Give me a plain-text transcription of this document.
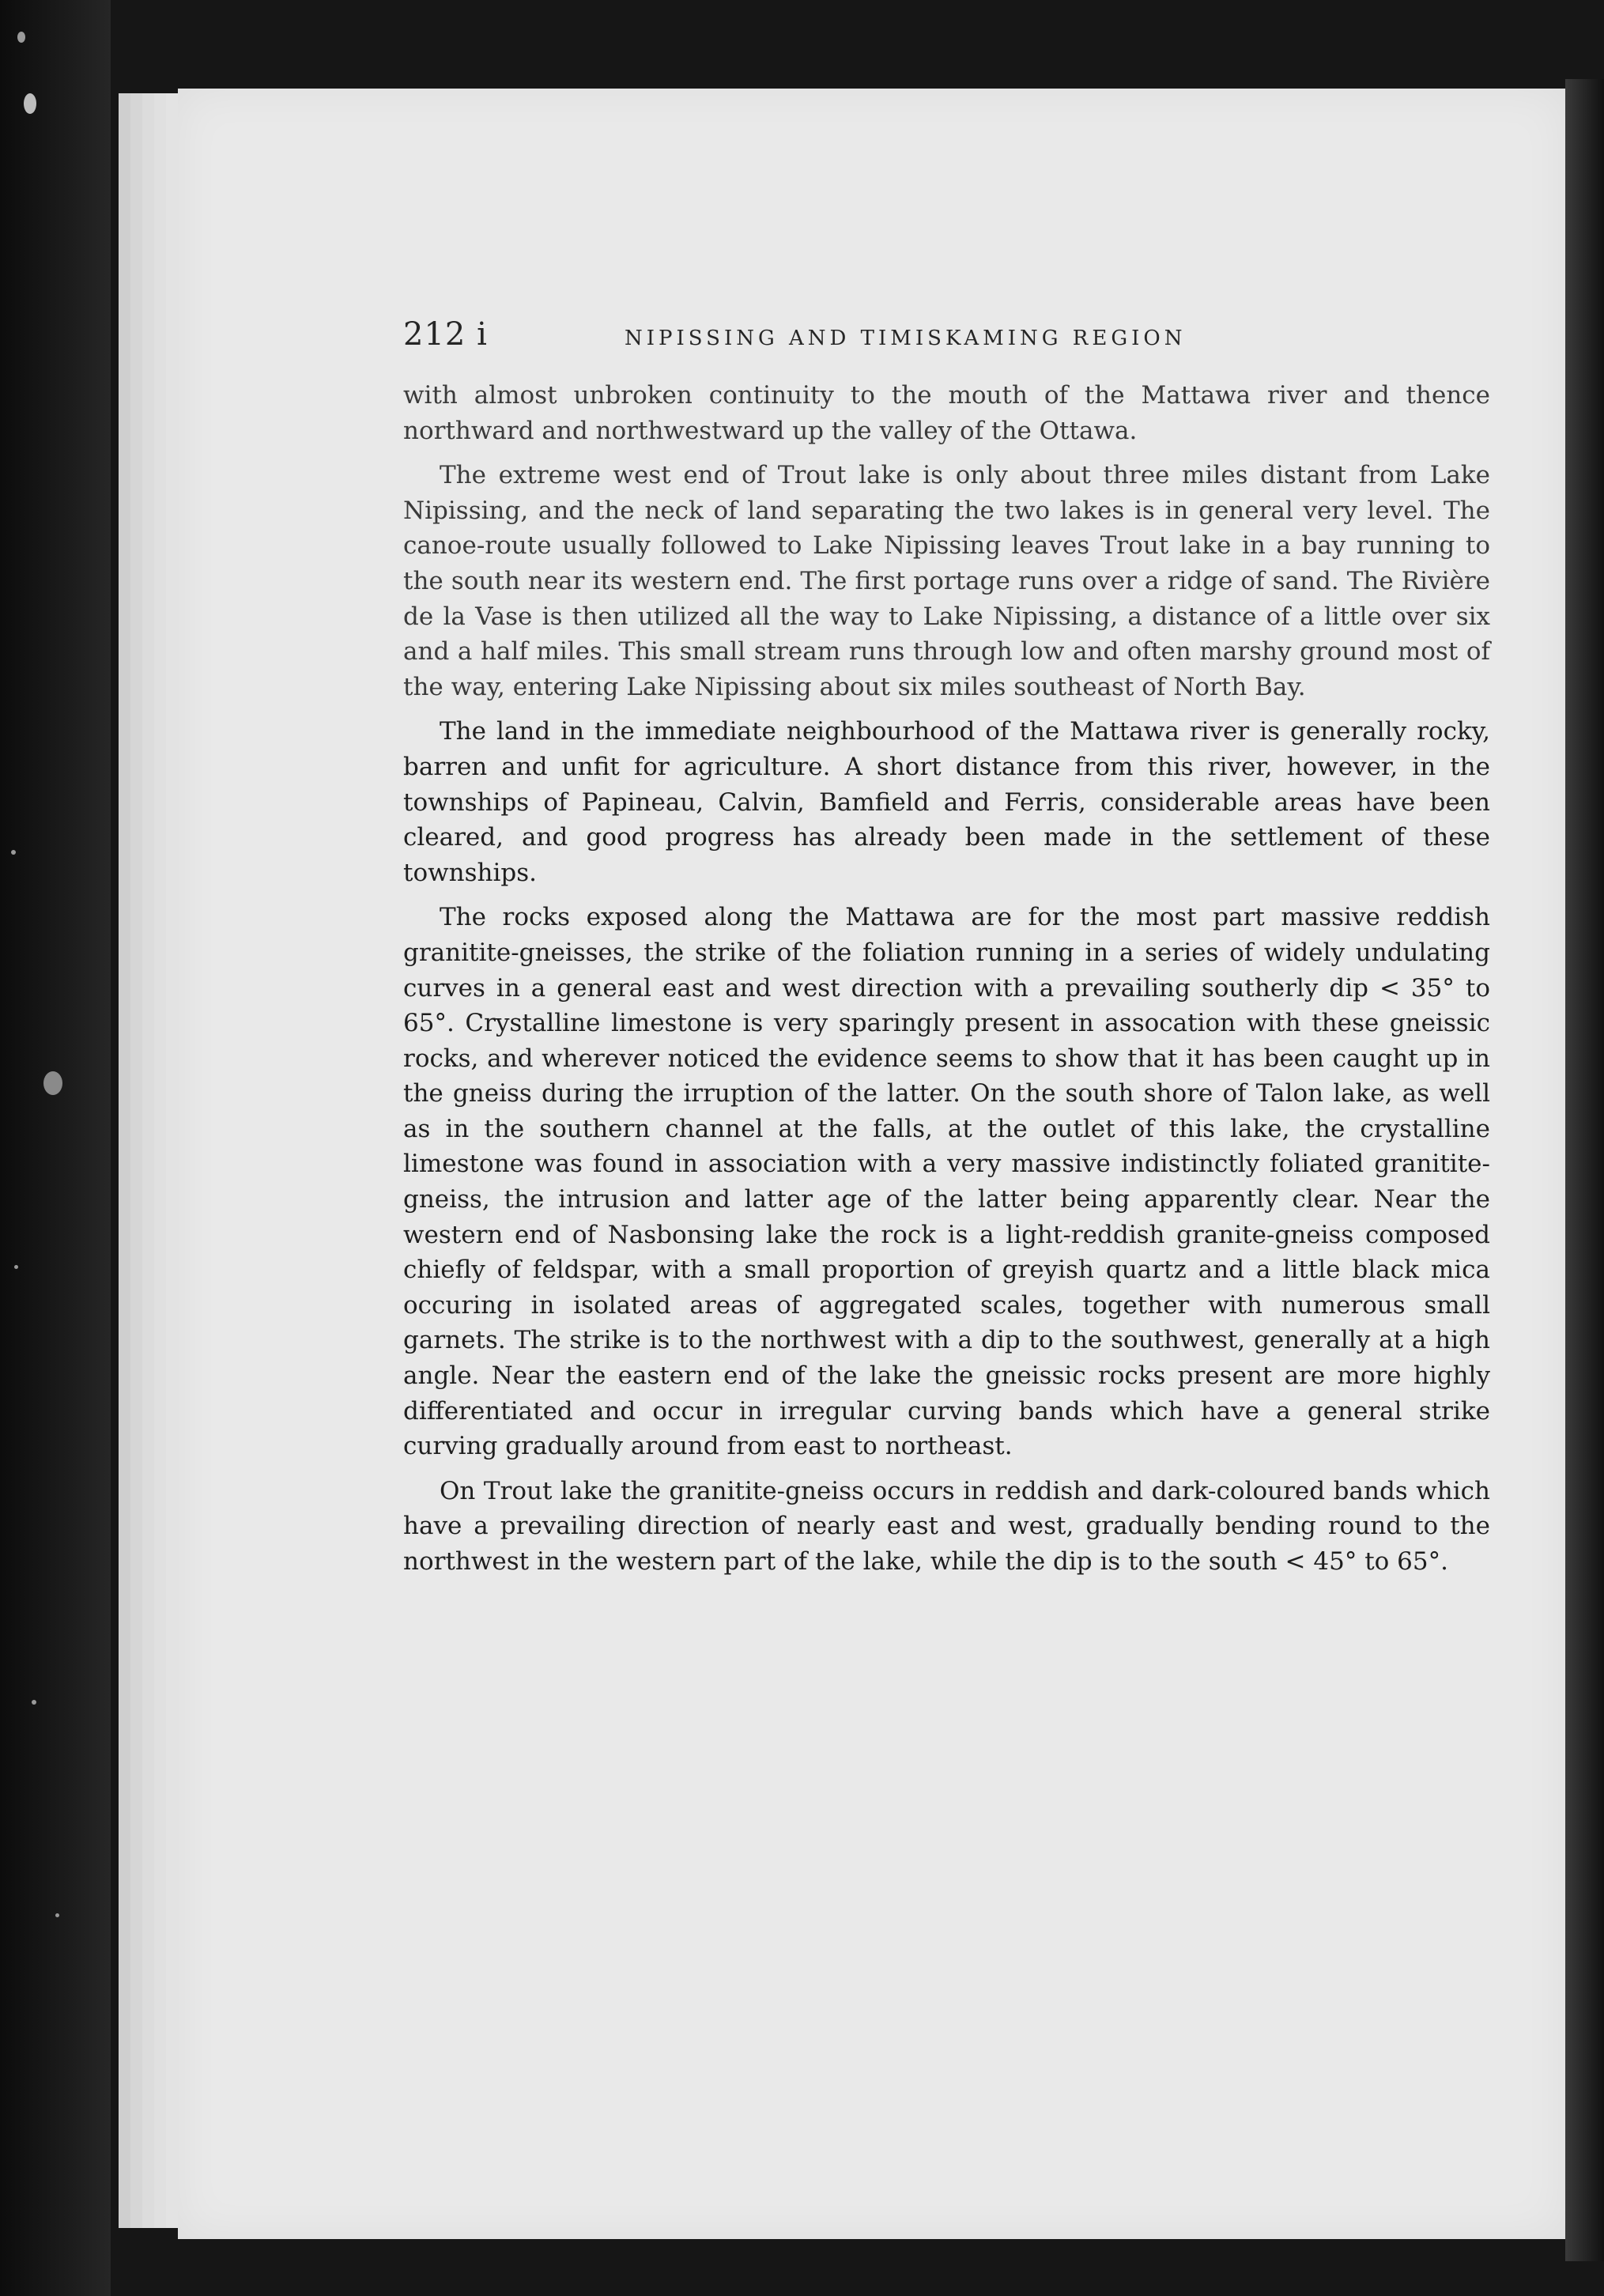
212 i	NIPISSING AND TIMISKAMING REGION

with almost unbroken continuity to the mouth of the Mattawa river and thence northward and northwestward up the valley of the Ottawa.

The extreme west end of Trout lake is only about three miles distant from Lake Nipissing, and the neck of land separating the two lakes is in general very level. The canoe-route usually followed to Lake Nipissing leaves Trout lake in a bay running to the south near its western end. The first portage runs over a ridge of sand. The Rivière de la Vase is then utilized all the way to Lake Nipissing, a distance of a little over six and a half miles. This small stream runs through low and often marshy ground most of the way, entering Lake Nipissing about six miles southeast of North Bay.

The land in the immediate neighbourhood of the Mattawa river is generally rocky, barren and unfit for agriculture. A short distance from this river, however, in the townships of Papineau, Calvin, Bamfield and Ferris, considerable areas have been cleared, and good progress has already been made in the settlement of these townships.

The rocks exposed along the Mattawa are for the most part massive reddish granitite-gneisses, the strike of the foliation running in a series of widely undulating curves in a general east and west direction with a prevailing southerly dip < 35° to 65°. Crystalline limestone is very sparingly present in assocation with these gneissic rocks, and wherever noticed the evidence seems to show that it has been caught up in the gneiss during the irruption of the latter. On the south shore of Talon lake, as well as in the southern channel at the falls, at the outlet of this lake, the crystalline limestone was found in association with a very massive indistinctly foliated granitite-gneiss, the intrusion and latter age of the latter being apparently clear. Near the western end of Nasbonsing lake the rock is a light-reddish granite-gneiss composed chiefly of feldspar, with a small proportion of greyish quartz and a little black mica occuring in isolated areas of aggregated scales, together with numerous small garnets. The strike is to the northwest with a dip to the southwest, generally at a high angle. Near the eastern end of the lake the gneissic rocks present are more highly differentiated and occur in irregular curving bands which have a general strike curving gradually around from east to northeast.

On Trout lake the granitite-gneiss occurs in reddish and dark-coloured bands which have a prevailing direction of nearly east and west, gradually bending round to the northwest in the western part of the lake, while the dip is to the south < 45° to 65°.
